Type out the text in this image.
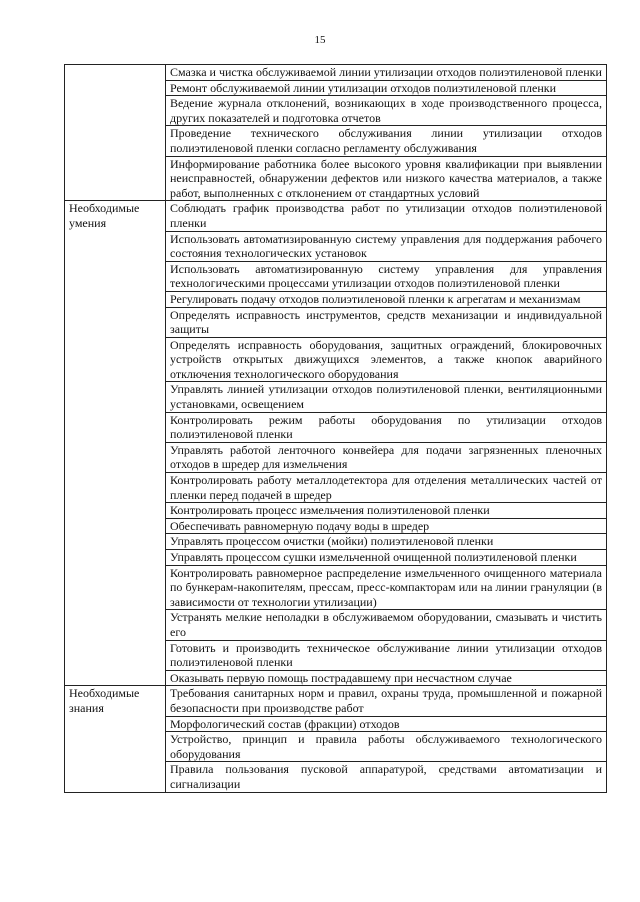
15
	Смазка и чистка обслуживаемой линии утилизации отходов полиэтиленовой пленки
	Ремонт обслуживаемой линии утилизации отходов полиэтиленовой пленки
	Ведение журнала отклонений, возникающих в ходе производственного процесса, других показателей и подготовка отчетов
	Проведение технического обслуживания линии утилизации отходов полиэтиленовой пленки согласно регламенту обслуживания
	Информирование работника более высокого уровня квалификации при выявлении неисправностей, обнаружении дефектов или низкого качества материалов, а также работ, выполненных с отклонением от стандартных условий
Необходимые умения	Соблюдать график производства работ по утилизации отходов полиэтиленовой пленки
	Использовать автоматизированную систему управления для поддержания рабочего состояния технологических установок
	Использовать автоматизированную систему управления для управления технологическими процессами утилизации отходов полиэтиленовой пленки
	Регулировать подачу отходов полиэтиленовой пленки к агрегатам и механизмам
	Определять исправность инструментов, средств механизации и индивидуальной защиты
	Определять исправность оборудования, защитных ограждений, блокировочных устройств открытых движущихся элементов, а также кнопок аварийного отключения технологического оборудования
	Управлять линией утилизации отходов полиэтиленовой пленки, вентиляционными установками, освещением
	Контролировать режим работы оборудования по утилизации отходов полиэтиленовой пленки
	Управлять работой ленточного конвейера для подачи загрязненных пленочных отходов в шредер для измельчения
	Контролировать работу металлодетектора для отделения металлических частей от пленки перед подачей в шредер
	Контролировать процесс измельчения полиэтиленовой пленки
	Обеспечивать равномерную подачу воды в шредер
	Управлять процессом очистки (мойки) полиэтиленовой пленки
	Управлять процессом сушки измельченной очищенной полиэтиленовой пленки
	Контролировать равномерное распределение измельченного очищенного материала по бункерам-накопителям, прессам, пресс-компакторам или на линии грануляции (в зависимости от технологии утилизации)
	Устранять мелкие неполадки в обслуживаемом оборудовании, смазывать и чистить его
	Готовить и производить техническое обслуживание линии утилизации отходов полиэтиленовой пленки
	Оказывать первую помощь пострадавшему при несчастном случае
Необходимые знания	Требования санитарных норм и правил, охраны труда, промышленной и пожарной безопасности при производстве работ
	Морфологический состав (фракции) отходов
	Устройство, принцип и правила работы обслуживаемого технологического оборудования
	Правила пользования пусковой аппаратурой, средствами автоматизации и сигнализации
